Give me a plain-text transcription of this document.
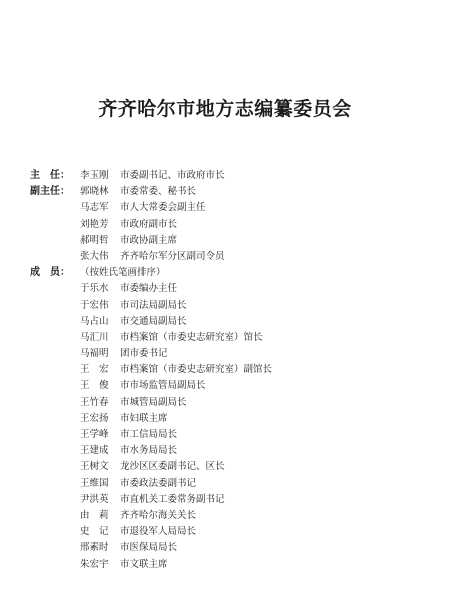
齐齐哈尔市地方志编纂委员会
主　任：	李玉刚	市委副书记、市政府市长
副主任：	郭晓林	市委常委、秘书长
马志军	市人大常委会副主任
刘艳芳	市政府副市长
郝明哲	市政协副主席
张大伟	齐齐哈尔军分区副司令员
成　员：	（按姓氏笔画排序）
于乐水	市委编办主任
于宏伟	市司法局副局长
马占山	市交通局副局长
马汇川	市档案馆（市委史志研究室）馆长
马福明	团市委书记
王　宏	市档案馆（市委史志研究室）副馆长
王　俊	市市场监管局副局长
王竹春	市城管局副局长
王宏扬	市妇联主席
王学峰	市工信局局长
王建成	市水务局局长
王树文	龙沙区区委副书记、区长
王维国	市委政法委副书记
尹洪英	市直机关工委常务副书记
由　莉	齐齐哈尔海关关长
史　记	市退役军人局局长
邢素时	市医保局局长
朱宏宇	市文联主席
